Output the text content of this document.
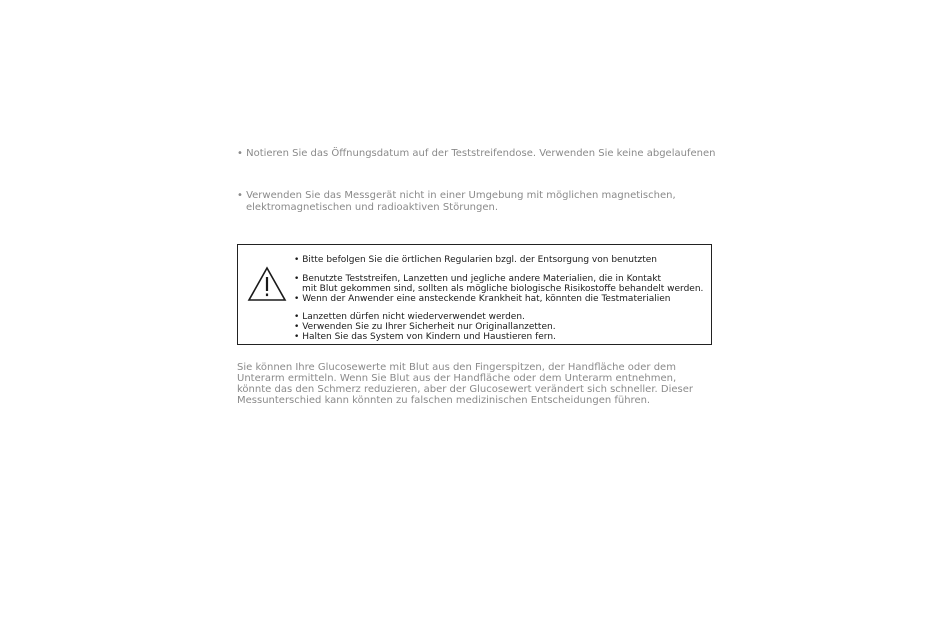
• Notieren Sie das Öffnungsdatum auf der Teststreifendose. Verwenden Sie keine abgelaufenen
• Verwenden Sie das Messgerät nicht in einer Umgebung mit möglichen magnetischen,
elektromagnetischen und radioaktiven Störungen.
• Bitte befolgen Sie die örtlichen Regularien bzgl. der Entsorgung von benutzten
• Benutzte Teststreifen, Lanzetten und jegliche andere Materialien, die in Kontakt
mit Blut gekommen sind, sollten als mögliche biologische Risikostoffe behandelt werden.
• Wenn der Anwender eine ansteckende Krankheit hat, könnten die Testmaterialien
• Lanzetten dürfen nicht wiederverwendet werden.
• Verwenden Sie zu Ihrer Sicherheit nur Originallanzetten.
• Halten Sie das System von Kindern und Haustieren fern.
Sie können Ihre Glucosewerte mit Blut aus den Fingerspitzen, der Handfläche oder dem
Unterarm ermitteln. Wenn Sie Blut aus der Handfläche oder dem Unterarm entnehmen,
könnte das den Schmerz reduzieren, aber der Glucosewert verändert sich schneller. Dieser
Messunterschied kann könnten zu falschen medizinischen Entscheidungen führen.
